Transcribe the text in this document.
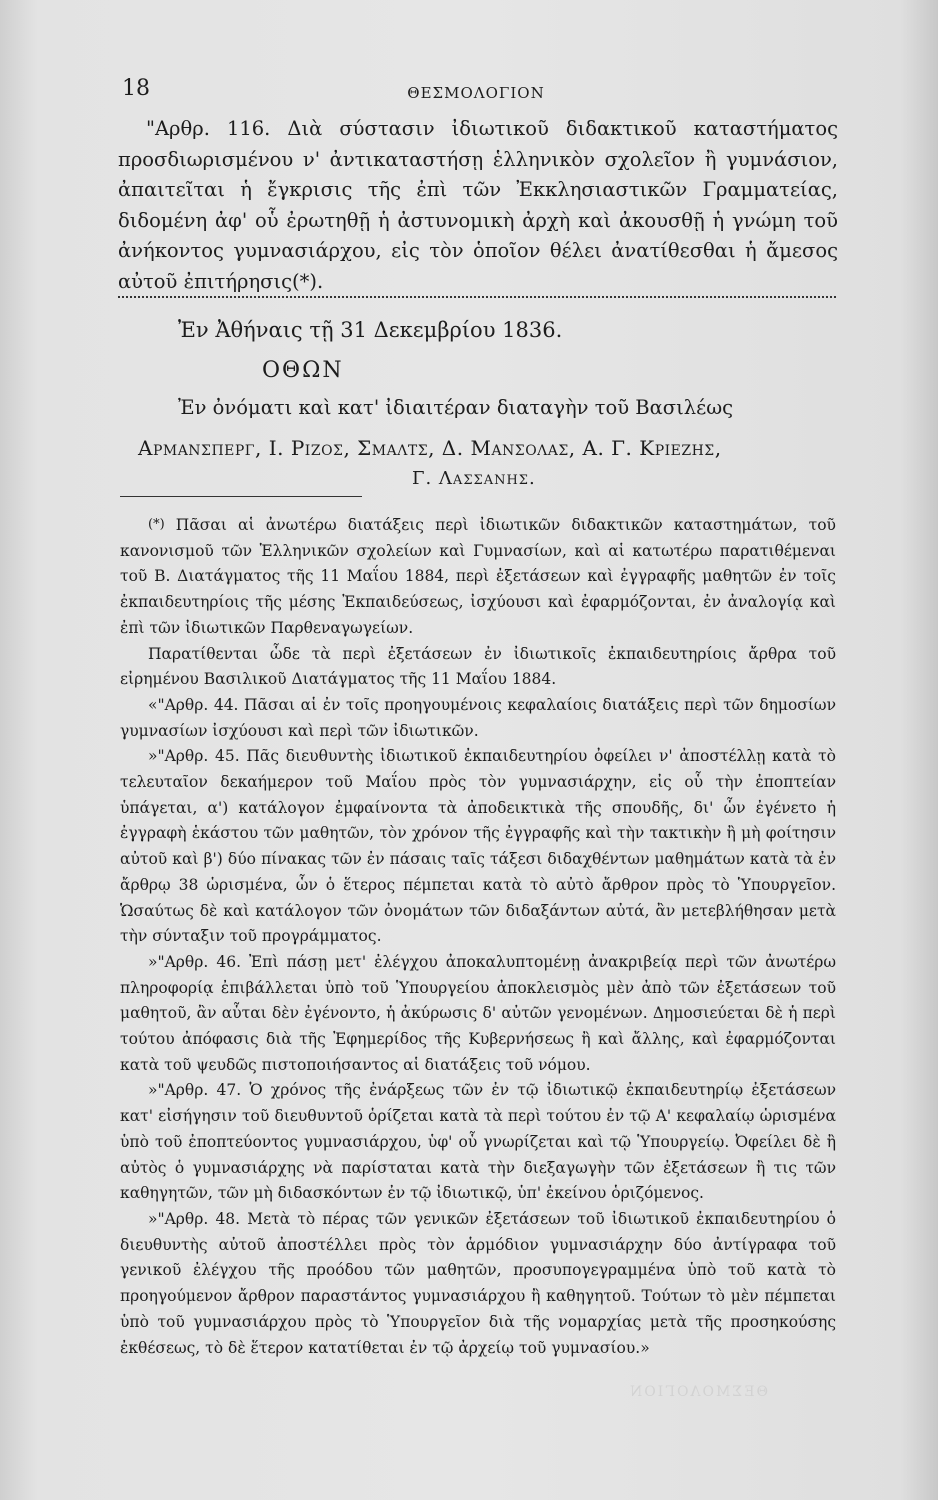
18	ΘΕΣΜΟΛΟΓΙΟΝ

"Αρθρ. 116. Διὰ σύστασιν ἰδιωτικοῦ διδακτικοῦ καταστήματος προσδιωρισμένου ν' ἀντικαταστήσῃ ἑλληνικὸν σχολεῖον ἢ γυμνάσιον, ἀπαιτεῖται ἡ ἔγκρισις τῆς ἐπὶ τῶν Ἐκκλησιαστικῶν Γραμματείας, διδομένη ἀφ' οὗ ἐρωτηθῇ ἡ ἀστυνομικὴ ἀρχὴ καὶ ἀκουσθῇ ἡ γνώμη τοῦ ἀνήκοντος γυμνασιάρχου, εἰς τὸν ὁποῖον θέλει ἀνατίθεσθαι ἡ ἄμεσος αὐτοῦ ἐπιτήρησις(*).

Ἐν Ἀθήναις τῇ 31 Δεκεμβρίου 1836.
ΟΘΩΝ
Ἐν ὀνόματι καὶ κατ' ἰδιαιτέραν διαταγὴν τοῦ Βασιλέως
Αρμανσπεργ, Ι. Ριζος, Σμαλτς, Δ. Μανσολας, Α. Γ. Κριεζης,
Γ. Λασσανης.

(*) Πᾶσαι αἱ ἀνωτέρω διατάξεις περὶ ἰδιωτικῶν διδακτικῶν καταστημάτων, τοῦ κανονισμοῦ τῶν Ἑλληνικῶν σχολείων καὶ Γυμνασίων, καὶ αἱ κατωτέρω παρατιθέμεναι τοῦ Β. Διατάγματος τῆς 11 Μαΐου 1884, περὶ ἐξετάσεων καὶ ἐγγραφῆς μαθητῶν ἐν τοῖς ἐκπαιδευτηρίοις τῆς μέσης Ἐκπαιδεύσεως, ἰσχύουσι καὶ ἐφαρμόζονται, ἐν ἀναλογίᾳ καὶ ἐπὶ τῶν ἰδιωτικῶν Παρθεναγωγείων.

Παρατίθενται ὧδε τὰ περὶ ἐξετάσεων ἐν ἰδιωτικοῖς ἐκπαιδευτηρίοις ἄρθρα τοῦ εἰρημένου Βασιλικοῦ Διατάγματος τῆς 11 Μαΐου 1884.

«"Αρθρ. 44. Πᾶσαι αἱ ἐν τοῖς προηγουμένοις κεφαλαίοις διατάξεις περὶ τῶν δημοσίων γυμνασίων ἰσχύουσι καὶ περὶ τῶν ἰδιωτικῶν.

»"Αρθρ. 45. Πᾶς διευθυντὴς ἰδιωτικοῦ ἐκπαιδευτηρίου ὀφείλει ν' ἀποστέλλῃ κατὰ τὸ τελευταῖον δεκαήμερον τοῦ Μαΐου πρὸς τὸν γυμνασιάρχην, εἰς οὗ τὴν ἐποπτείαν ὑπάγεται, α') κατάλογον ἐμφαίνοντα τὰ ἀποδεικτικὰ τῆς σπουδῆς, δι' ὧν ἐγένετο ἡ ἐγγραφὴ ἑκάστου τῶν μαθητῶν, τὸν χρόνον τῆς ἐγγραφῆς καὶ τὴν τακτικὴν ἢ μὴ φοίτησιν αὐτοῦ καὶ β') δύο πίνακας τῶν ἐν πάσαις ταῖς τάξεσι διδαχθέντων μαθημάτων κατὰ τὰ ἐν ἄρθρῳ 38 ὡρισμένα, ὧν ὁ ἕτερος πέμπεται κατὰ τὸ αὐτὸ ἄρθρον πρὸς τὸ Ὑπουργεῖον. Ὡσαύτως δὲ καὶ κατάλογον τῶν ὀνομάτων τῶν διδαξάντων αὐτά, ἂν μετεβλήθησαν μετὰ τὴν σύνταξιν τοῦ προγράμματος.

»"Αρθρ. 46. Ἐπὶ πάσῃ μετ' ἐλέγχου ἀποκαλυπτομένῃ ἀνακριβείᾳ περὶ τῶν ἀνωτέρω πληροφορίᾳ ἐπιβάλλεται ὑπὸ τοῦ Ὑπουργείου ἀποκλεισμὸς μὲν ἀπὸ τῶν ἐξετάσεων τοῦ μαθητοῦ, ἂν αὗται δὲν ἐγένοντο, ἡ ἀκύρωσις δ' αὐτῶν γενομένων. Δημοσιεύεται δὲ ἡ περὶ τούτου ἀπόφασις διὰ τῆς Ἐφημερίδος τῆς Κυβερνήσεως ἢ καὶ ἄλλης, καὶ ἐφαρμόζονται κατὰ τοῦ ψευδῶς πιστοποιήσαντος αἱ διατάξεις τοῦ νόμου.

»"Αρθρ. 47. Ὁ χρόνος τῆς ἐνάρξεως τῶν ἐν τῷ ἰδιωτικῷ ἐκπαιδευτηρίῳ ἐξετάσεων κατ' εἰσήγησιν τοῦ διευθυντοῦ ὁρίζεται κατὰ τὰ περὶ τούτου ἐν τῷ Α' κεφαλαίῳ ὡρισμένα ὑπὸ τοῦ ἐποπτεύοντος γυμνασιάρχου, ὑφ' οὗ γνωρίζεται καὶ τῷ Ὑπουργείῳ. Ὀφείλει δὲ ἢ αὐτὸς ὁ γυμνασιάρχης νὰ παρίσταται κατὰ τὴν διεξαγωγὴν τῶν ἐξετάσεων ἢ τις τῶν καθηγητῶν, τῶν μὴ διδασκόντων ἐν τῷ ἰδιωτικῷ, ὑπ' ἐκείνου ὁριζόμενος.

»"Αρθρ. 48. Μετὰ τὸ πέρας τῶν γενικῶν ἐξετάσεων τοῦ ἰδιωτικοῦ ἐκπαιδευτηρίου ὁ διευθυντὴς αὐτοῦ ἀποστέλλει πρὸς τὸν ἁρμόδιον γυμνασιάρχην δύο ἀντίγραφα τοῦ γενικοῦ ἐλέγχου τῆς προόδου τῶν μαθητῶν, προσυπογεγραμμένα ὑπὸ τοῦ κατὰ τὸ προηγούμενον ἄρθρον παραστάντος γυμνασιάρχου ἢ καθηγητοῦ. Τούτων τὸ μὲν πέμπεται ὑπὸ τοῦ γυμνασιάρχου πρὸς τὸ Ὑπουργεῖον διὰ τῆς νομαρχίας μετὰ τῆς προσηκούσης ἐκθέσεως, τὸ δὲ ἕτερον κατατίθεται ἐν τῷ ἀρχείῳ τοῦ γυμνασίου.»

ΘΕΣΜΟΛΟΓΙΟΝ
